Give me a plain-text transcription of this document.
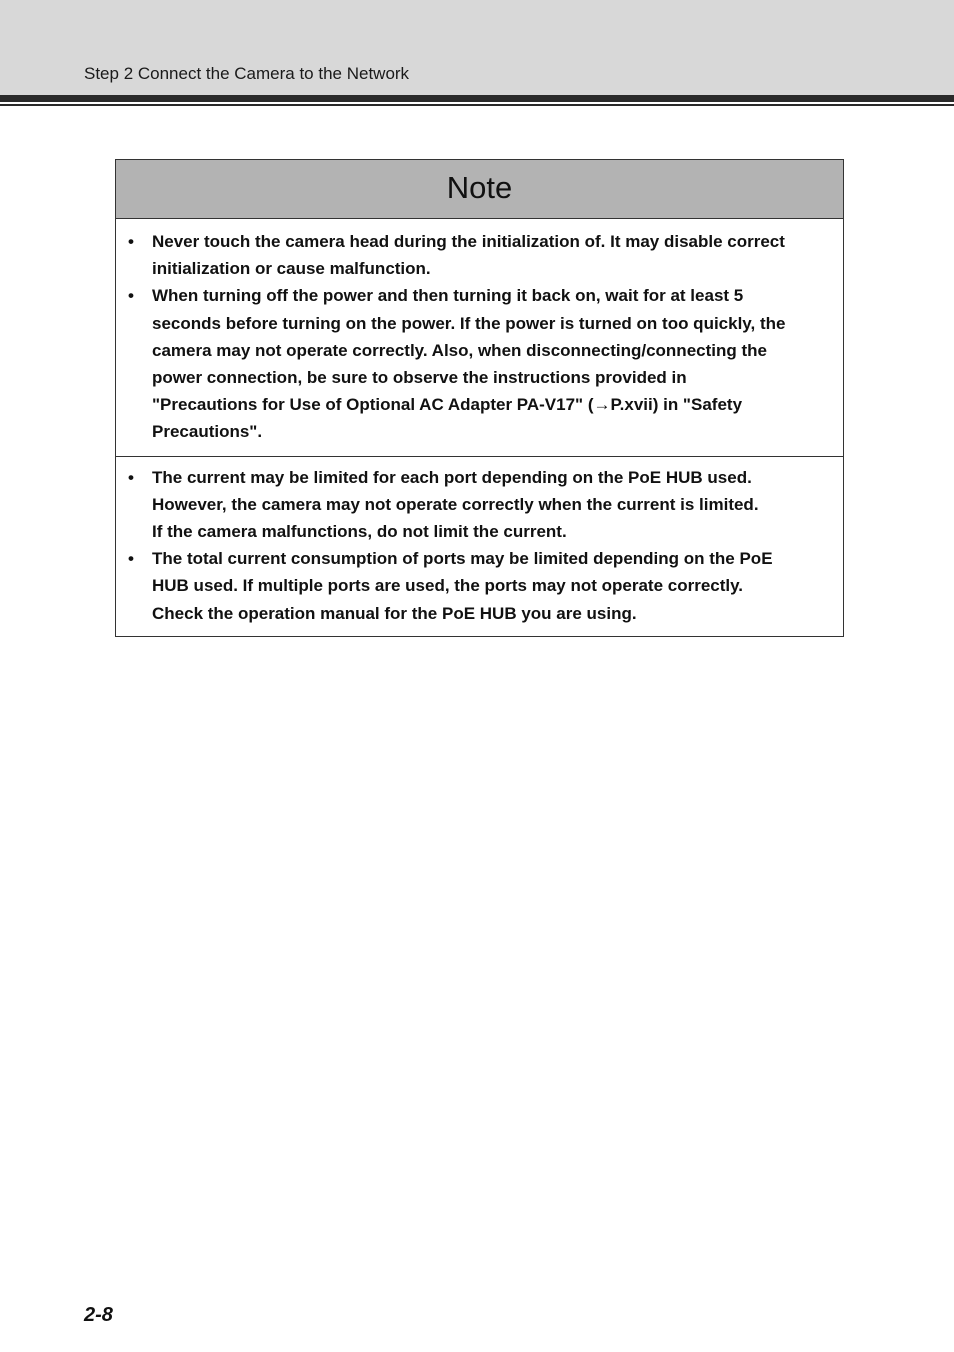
Step 2 Connect the Camera to the Network
Note
•	Never touch the camera head during the initialization of. It may disable correct
initialization or cause malfunction.
•	When turning off the power and then turning it back on, wait for at least 5
seconds before turning on the power. If the power is turned on too quickly, the
camera may not operate correctly. Also, when disconnecting/connecting the
power connection, be sure to observe the instructions provided in
"Precautions for Use of Optional AC Adapter PA-V17" (→P.xvii) in "Safety
Precautions".
•	The current may be limited for each port depending on the PoE HUB used.
However, the camera may not operate correctly when the current is limited.
If the camera malfunctions, do not limit the current.
•	The total current consumption of ports may be limited depending on the PoE
HUB used. If multiple ports are used, the ports may not operate correctly.
Check the operation manual for the PoE HUB you are using.
2-8
